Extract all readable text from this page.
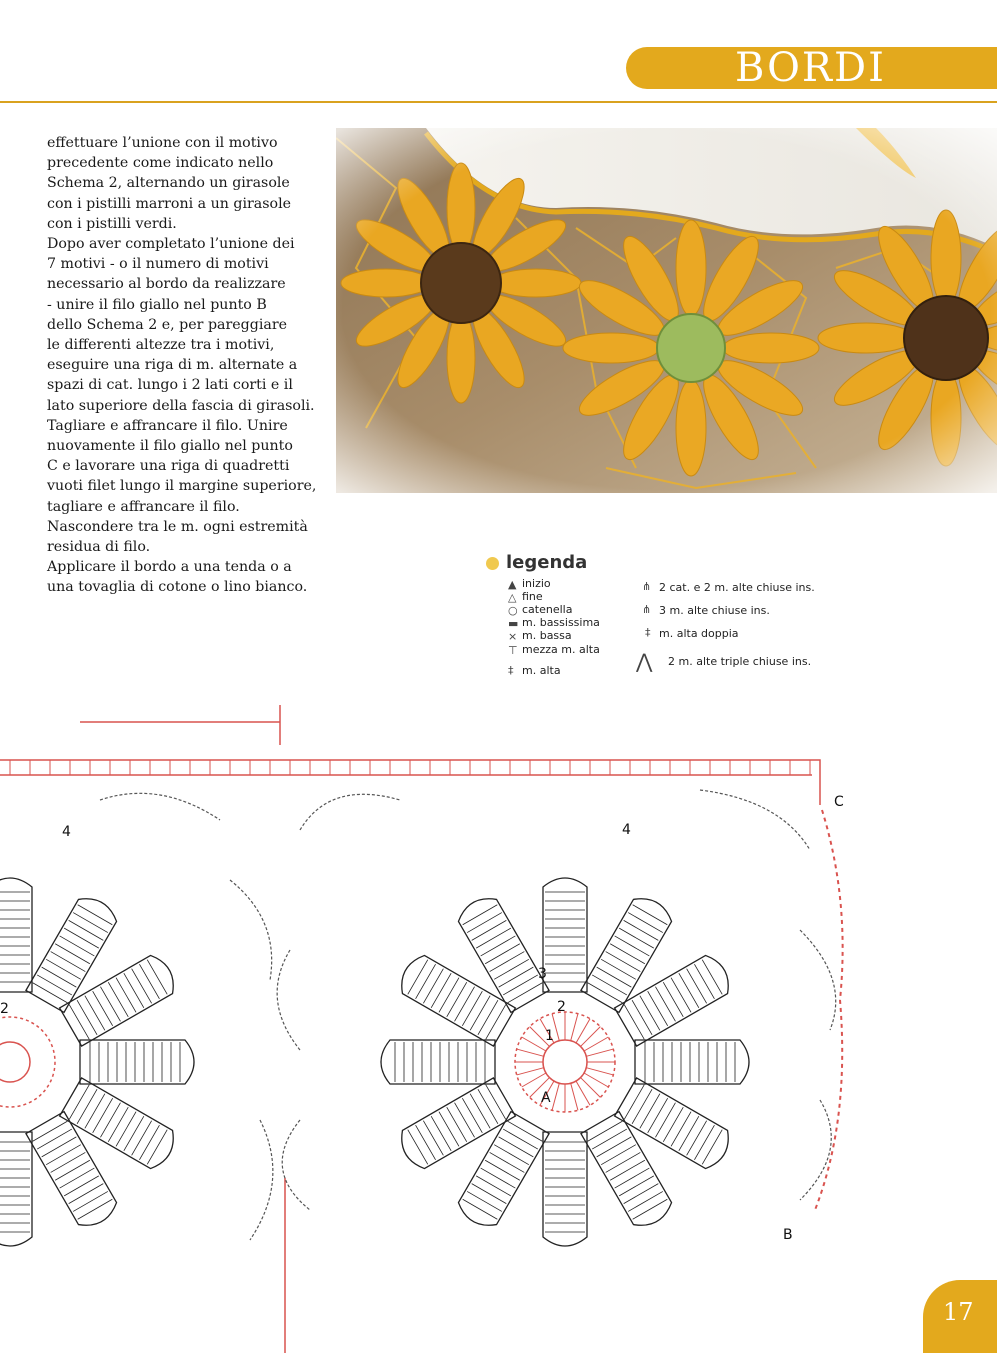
BORDI

effettuare l’unione con il motivo

precedente come indicato nello

Schema 2, alternando un girasole

con i pistilli marroni a un girasole

con i pistilli verdi.

Dopo aver completato l’unione dei

7 motivi - o il numero di motivi

necessario al bordo da realizzare

- unire il filo giallo nel punto B

dello Schema 2 e, per pareggiare

le differenti altezze tra i motivi,

eseguire una riga di m. alternate a

spazi di cat. lungo i 2 lati corti e il

lato superiore della fascia di girasoli.

Tagliare e affrancare il filo. Unire

nuovamente il filo giallo nel punto

C e lavorare una riga di quadretti

vuoti filet lungo il margine superiore,

tagliare e affrancare il filo.

Nascondere tra le m. ogni estremità

residua di filo.

Applicare il bordo a una tenda o a

una tovaglia di cotone o lino bianco.

legenda
▲ inizio
△ fine
○ catenella
▬ m. bassissima
× m. bassa
⊤ mezza m. alta
‡ m. alta
⋔ 2 cat. e 2 m. alte chiuse ins.
⋔ 3 m. alte chiuse ins.
‡ m. alta doppia
⋀ 2 m. alte triple chiuse ins.
C
B
A
4	4
3
2	2
1
17
